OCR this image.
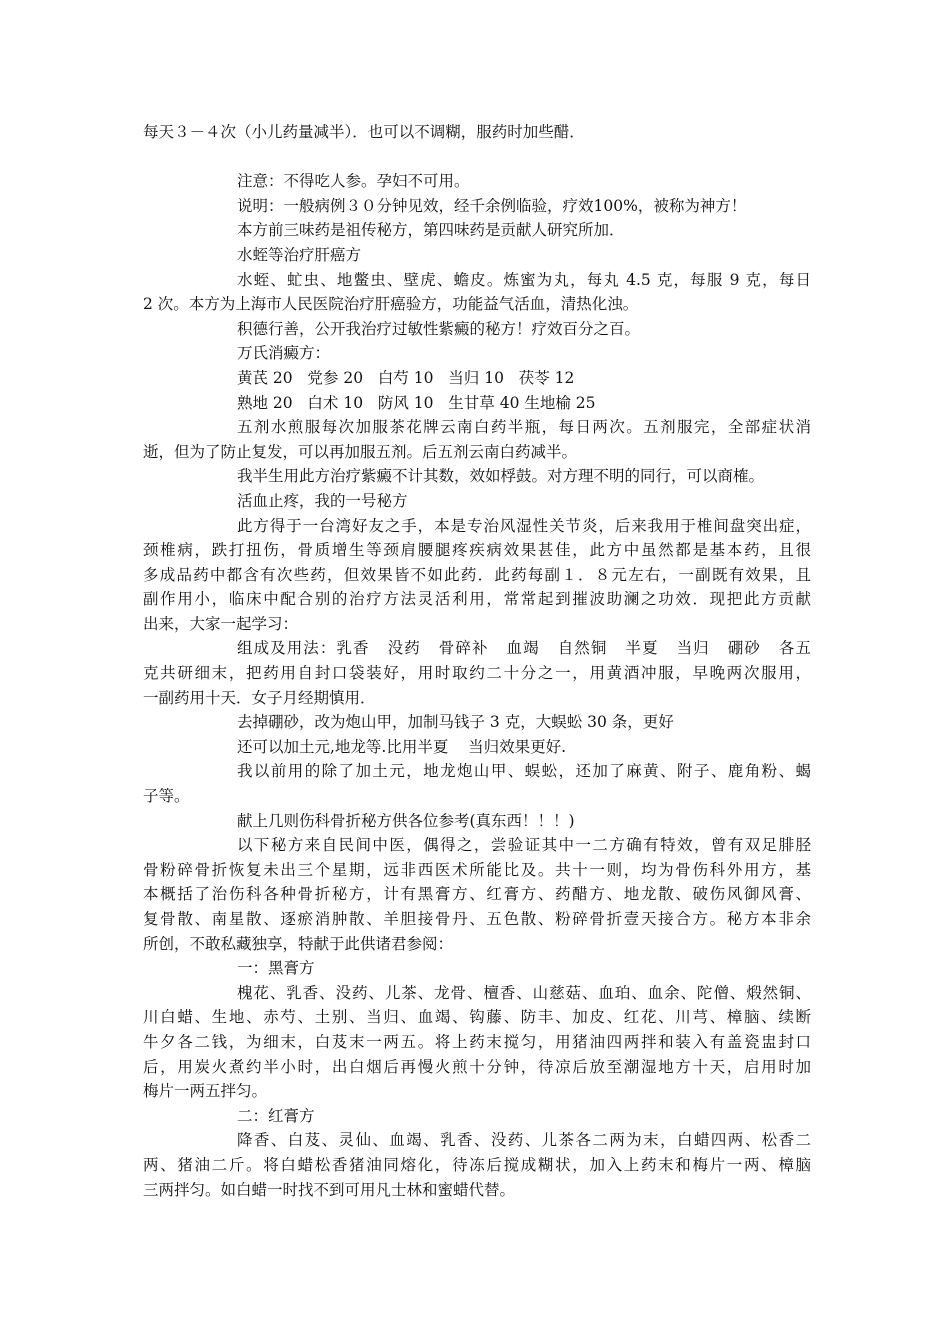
每天３－４次（小儿药量减半）．也可以不调糊，服药时加些醋．
注意：不得吃人参。孕妇不可用。
说明：一般病例３０分钟见效，经千余例临验，疗效100%，被称为神方！
本方前三味药是祖传秘方，第四味药是贡献人研究所加．
水蛭等治疗肝癌方
水蛭、虻虫、地鳖虫、壁虎、蟾皮。炼蜜为丸，每丸 4.5 克，每服 9 克，每日
2 次。本方为上海市人民医院治疗肝癌验方，功能益气活血，清热化浊。
积德行善，公开我治疗过敏性紫癜的秘方！疗效百分之百。
万氏消癜方：
黄芪 20   党参 20   白芍 10   当归 10   茯苓 12
熟地 20   白术 10   防风 10   生甘草 40 生地榆 25
五剂水煎服每次加服茶花牌云南白药半瓶，每日两次。五剂服完，全部症状消
逝，但为了防止复发，可以再加服五剂。后五剂云南白药减半。
我半生用此方治疗紫癜不计其数，效如桴鼓。对方理不明的同行，可以商榷。
活血止疼，我的一号秘方
此方得于一台湾好友之手，本是专治风湿性关节炎，后来我用于椎间盘突出症，
颈椎病，跌打扭伤，骨质增生等颈肩腰腿疼疾病效果甚佳，此方中虽然都是基本药，且很
多成品药中都含有次些药，但效果皆不如此药．此药每副１．８元左右，一副既有效果，且
副作用小，临床中配合别的治疗方法灵活利用，常常起到摧波助澜之功效．现把此方贡献
出来，大家一起学习：
组成及用法：乳香   没药   骨碎补   血竭   自然铜   半夏   当归   硼砂   各五
克共研细末，把药用自封口袋装好，用时取约二十分之一，用黄酒冲服，早晚两次服用，
一副药用十天．女子月经期慎用．
去掉硼砂，改为炮山甲，加制马钱子 3 克，大蜈蚣 30 条，更好
还可以加土元,地龙等.比用半夏    当归效果更好.
我以前用的除了加土元，地龙炮山甲、蜈蚣，还加了麻黄、附子、鹿角粉、蝎
子等。
献上几则伤科骨折秘方供各位参考(真东西！！！)
以下秘方来自民间中医，偶得之，尝验证其中一二方确有特效，曾有双足腓胫
骨粉碎骨折恢复未出三个星期，远非西医术所能比及。共十一则，均为骨伤科外用方，基
本概括了治伤科各种骨折秘方，计有黑膏方、红膏方、药醋方、地龙散、破伤风御风膏、
复骨散、南星散、逐瘀消肿散、羊胆接骨丹、五色散、粉碎骨折壹天接合方。秘方本非余
所创，不敢私藏独享，特献于此供诸君参阅：
一：黑膏方
槐花、乳香、没药、儿茶、龙骨、檀香、山慈菇、血珀、血余、陀僧、煅然铜、
川白蜡、生地、赤芍、土别、当归、血竭、钩藤、防丰、加皮、红花、川芎、樟脑、续断
牛夕各二钱，为细末，白芨末一两五。将上药末搅匀，用猪油四两拌和装入有盖瓷盅封口
后，用炭火煮约半小时，出白烟后再慢火煎十分钟，待凉后放至潮湿地方十天，启用时加
梅片一两五拌匀。
二：红膏方
降香、白芨、灵仙、血竭、乳香、没药、儿茶各二两为末，白蜡四两、松香二
两、猪油二斤。将白蜡松香猪油同熔化，待冻后搅成糊状，加入上药末和梅片一两、樟脑
三两拌匀。如白蜡一时找不到可用凡士林和蜜蜡代替。
